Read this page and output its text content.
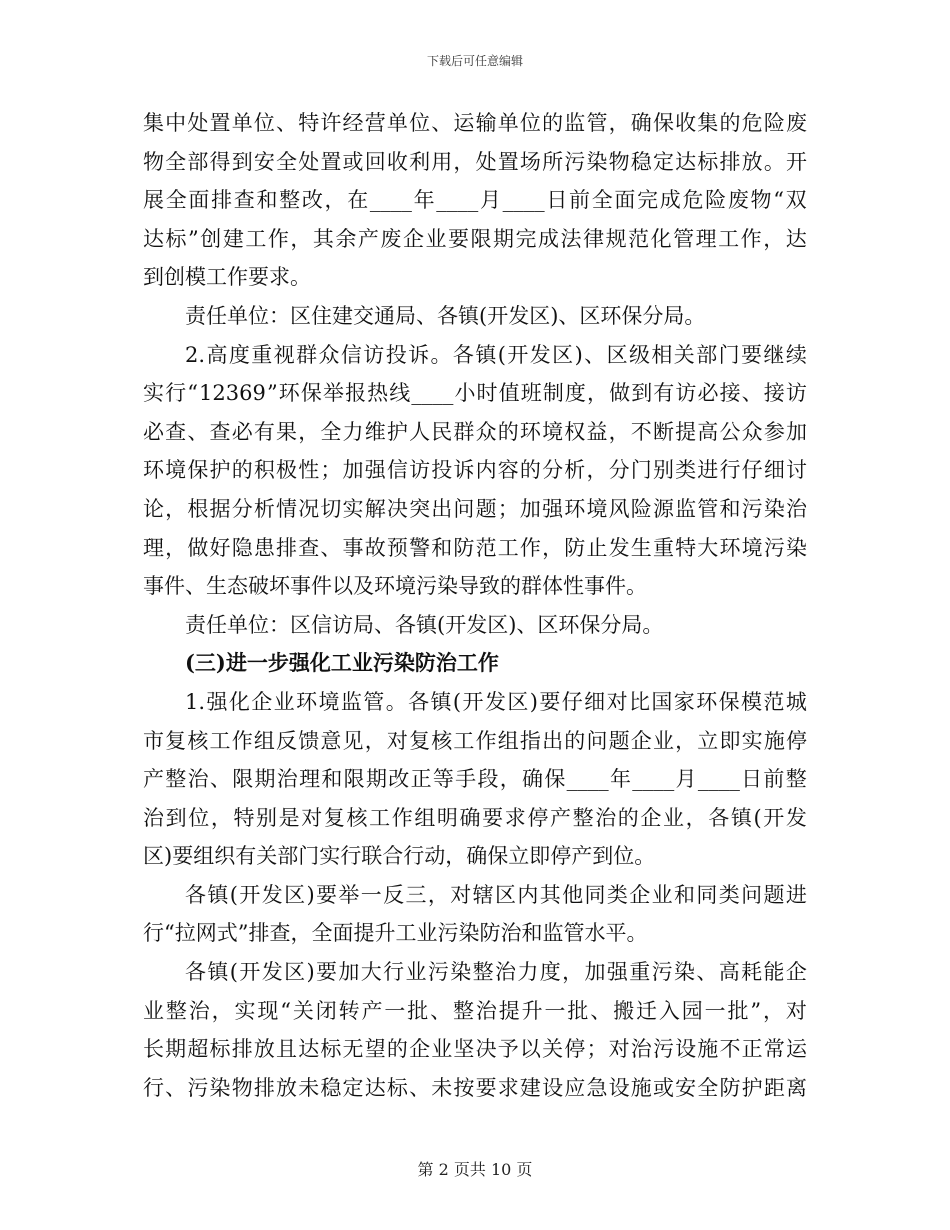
下载后可任意编辑
集 中 处 置 单 位 、 特 许 经 营 单 位 、 运 输 单 位 的 监 管 ， 确 保 收 集 的 危 险 废
物 全 部 得 到 安 全 处 置 或 回 收 利 用 ， 处 置 场 所 污 染 物 稳 定 达 标 排 放 。 开
展 全 面 排 查 和 整 改 ， 在 ____ 年 ____ 月 ____ 日 前 全 面 完 成 危 险 废 物 “ 双
达 标 ” 创 建 工 作 ， 其 余 产 废 企 业 要 限 期 完 成 法 律 规 范 化 管 理 工 作 ， 达
到创模工作要求。
责任单位：区住建交通局、各镇(开发区)、区环保分局。
2. 高 度 重 视 群 众 信 访 投 诉 。 各 镇 ( 开 发 区 ) 、 区 级 相 关 部 门 要 继 续
实 行 “ 12369 ” 环 保 举 报 热 线 ____ 小 时 值 班 制 度 ， 做 到 有 访 必 接 、 接 访
必 查 、 查 必 有 果 ， 全 力 维 护 人 民 群 众 的 环 境 权 益 ， 不 断 提 高 公 众 参 加
环 境 保 护 的 积 极 性 ； 加 强 信 访 投 诉 内 容 的 分 析 ， 分 门 别 类 进 行 仔 细 讨
论 ， 根 据 分 析 情 况 切 实 解 决 突 出 问 题 ； 加 强 环 境 风 险 源 监 管 和 污 染 治
理 ， 做 好 隐 患 排 查 、 事 故 预 警 和 防 范 工 作 ， 防 止 发 生 重 特 大 环 境 污 染
事件、生态破坏事件以及环境污染导致的群体性事件。
责任单位：区信访局、各镇(开发区)、区环保分局。
(三)进一步强化工业污染防治工作
1. 强 化 企 业 环 境 监 管 。 各 镇 ( 开 发 区 ) 要 仔 细 对 比 国 家 环 保 模 范 城
市 复 核 工 作 组 反 馈 意 见 ， 对 复 核 工 作 组 指 出 的 问 题 企 业 ， 立 即 实 施 停
产 整 治 、 限 期 治 理 和 限 期 改 正 等 手 段 ， 确 保 ____ 年 ____ 月 ____ 日 前 整
治 到 位 ， 特 别 是 对 复 核 工 作 组 明 确 要 求 停 产 整 治 的 企 业 ， 各 镇 ( 开 发
区)要组织有关部门实行联合行动，确保立即停产到位。
各 镇 ( 开 发 区 ) 要 举 一 反 三 ， 对 辖 区 内 其 他 同 类 企 业 和 同 类 问 题 进
行“拉网式”排查，全面提升工业污染防治和监管水平。
各 镇 ( 开 发 区 ) 要 加 大 行 业 污 染 整 治 力 度 ， 加 强 重 污 染 、 高 耗 能 企
业 整 治 ， 实 现 “ 关 闭 转 产 一 批 、 整 治 提 升 一 批 、 搬 迁 入 园 一 批 ” ， 对
长 期 超 标 排 放 且 达 标 无 望 的 企 业 坚 决 予 以 关 停 ； 对 治 污 设 施 不 正 常 运
行 、 污 染 物 排 放 未 稳 定 达 标 、 未 按 要 求 建 设 应 急 设 施 或 安 全 防 护 距 离
第 2 页共 10 页
